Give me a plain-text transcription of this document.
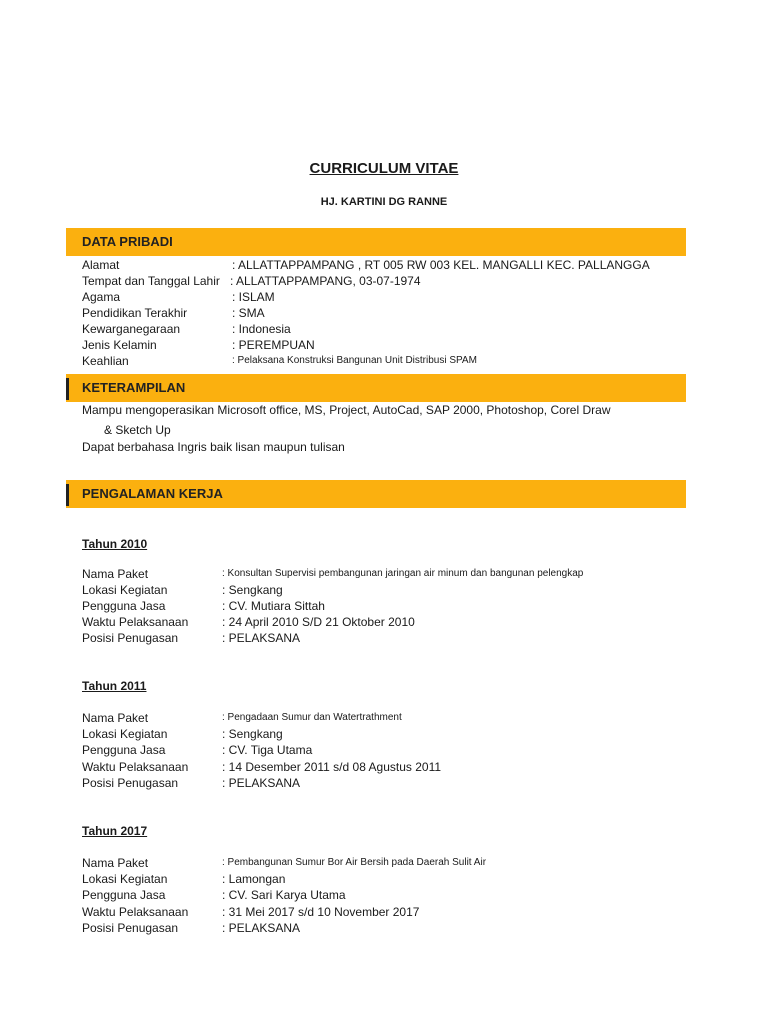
CURRICULUM VITAE
HJ. KARTINI DG RANNE
DATA PRIBADI
Alamat	: ALLATTAPPAMPANG , RT 005 RW 003 KEL. MANGALLI KEC. PALLANGGA
Tempat dan Tanggal Lahir : ALLATTAPPAMPANG, 03-07-1974
Agama	: ISLAM
Pendidikan Terakhir	: SMA
Kewarganegaraan	: Indonesia
Jenis Kelamin	: PEREMPUAN
Keahlian	: Pelaksana Konstruksi Bangunan Unit Distribusi SPAM
KETERAMPILAN
Mampu mengoperasikan Microsoft office, MS, Project, AutoCad, SAP 2000, Photoshop, Corel Draw
& Sketch Up
Dapat berbahasa Ingris baik lisan maupun tulisan
PENGALAMAN KERJA
Tahun 2010
Nama Paket	: Konsultan Supervisi pembangunan jaringan air minum dan bangunan pelengkap
Lokasi Kegiatan	: Sengkang
Pengguna Jasa	: CV. Mutiara Sittah
Waktu Pelaksanaan	: 24 April 2010 S/D 21 Oktober 2010
Posisi Penugasan	: PELAKSANA
Tahun 2011
Nama Paket	: Pengadaan Sumur dan Watertrathment
Lokasi Kegiatan	: Sengkang
Pengguna Jasa	: CV. Tiga Utama
Waktu Pelaksanaan	: 14 Desember 2011 s/d 08 Agustus 2011
Posisi Penugasan	: PELAKSANA
Tahun 2017
Nama Paket	: Pembangunan Sumur Bor Air Bersih pada Daerah Sulit Air
Lokasi Kegiatan	: Lamongan
Pengguna Jasa	: CV. Sari Karya Utama
Waktu Pelaksanaan	: 31 Mei 2017 s/d 10 November 2017
Posisi Penugasan	: PELAKSANA
